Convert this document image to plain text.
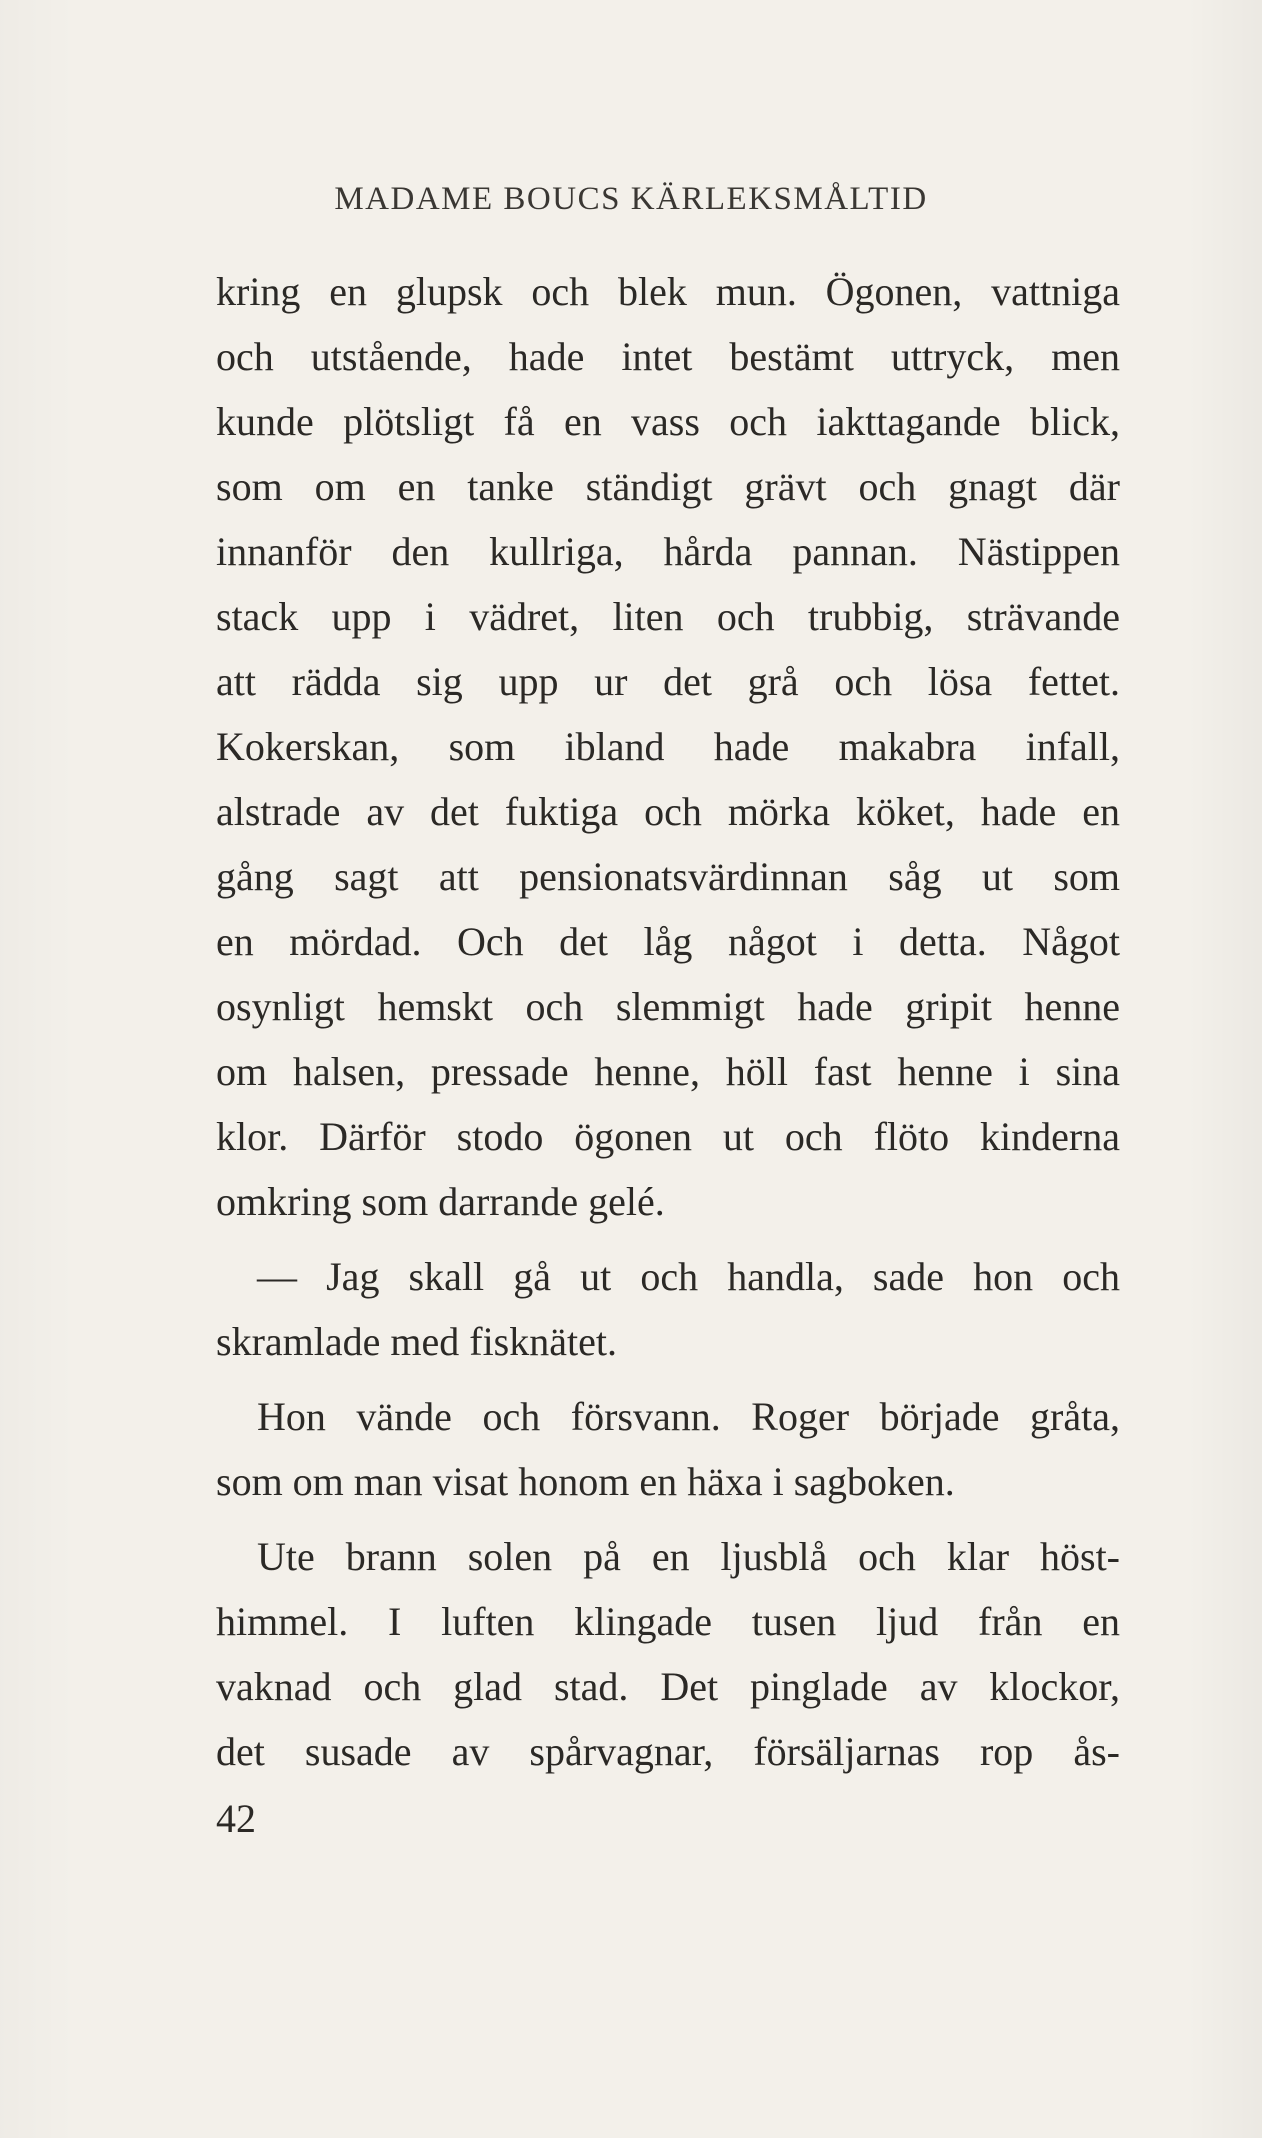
MADAME BOUCS KÄRLEKSMÅLTID
kring en glupsk och blek mun. Ögonen, vattniga
och utstående, hade intet bestämt uttryck, men
kunde plötsligt få en vass och iakttagande blick,
som om en tanke ständigt grävt och gnagt där
innanför den kullriga, hårda pannan. Nästippen
stack upp i vädret, liten och trubbig, strävande
att rädda sig upp ur det grå och lösa fettet.
Kokerskan, som ibland hade makabra infall,
alstrade av det fuktiga och mörka köket, hade en
gång sagt att pensionatsvärdinnan såg ut som
en mördad. Och det låg något i detta. Något
osynligt hemskt och slemmigt hade gripit henne
om halsen, pressade henne, höll fast henne i sina
klor. Därför stodo ögonen ut och flöto kinderna
omkring som darrande gelé.
— Jag skall gå ut och handla, sade hon och
skramlade med fisknätet.
Hon vände och försvann. Roger började gråta,
som om man visat honom en häxa i sagboken.
Ute brann solen på en ljusblå och klar höst-
himmel. I luften klingade tusen ljud från en
vaknad och glad stad. Det pinglade av klockor,
det susade av spårvagnar, försäljarnas rop ås-
42
